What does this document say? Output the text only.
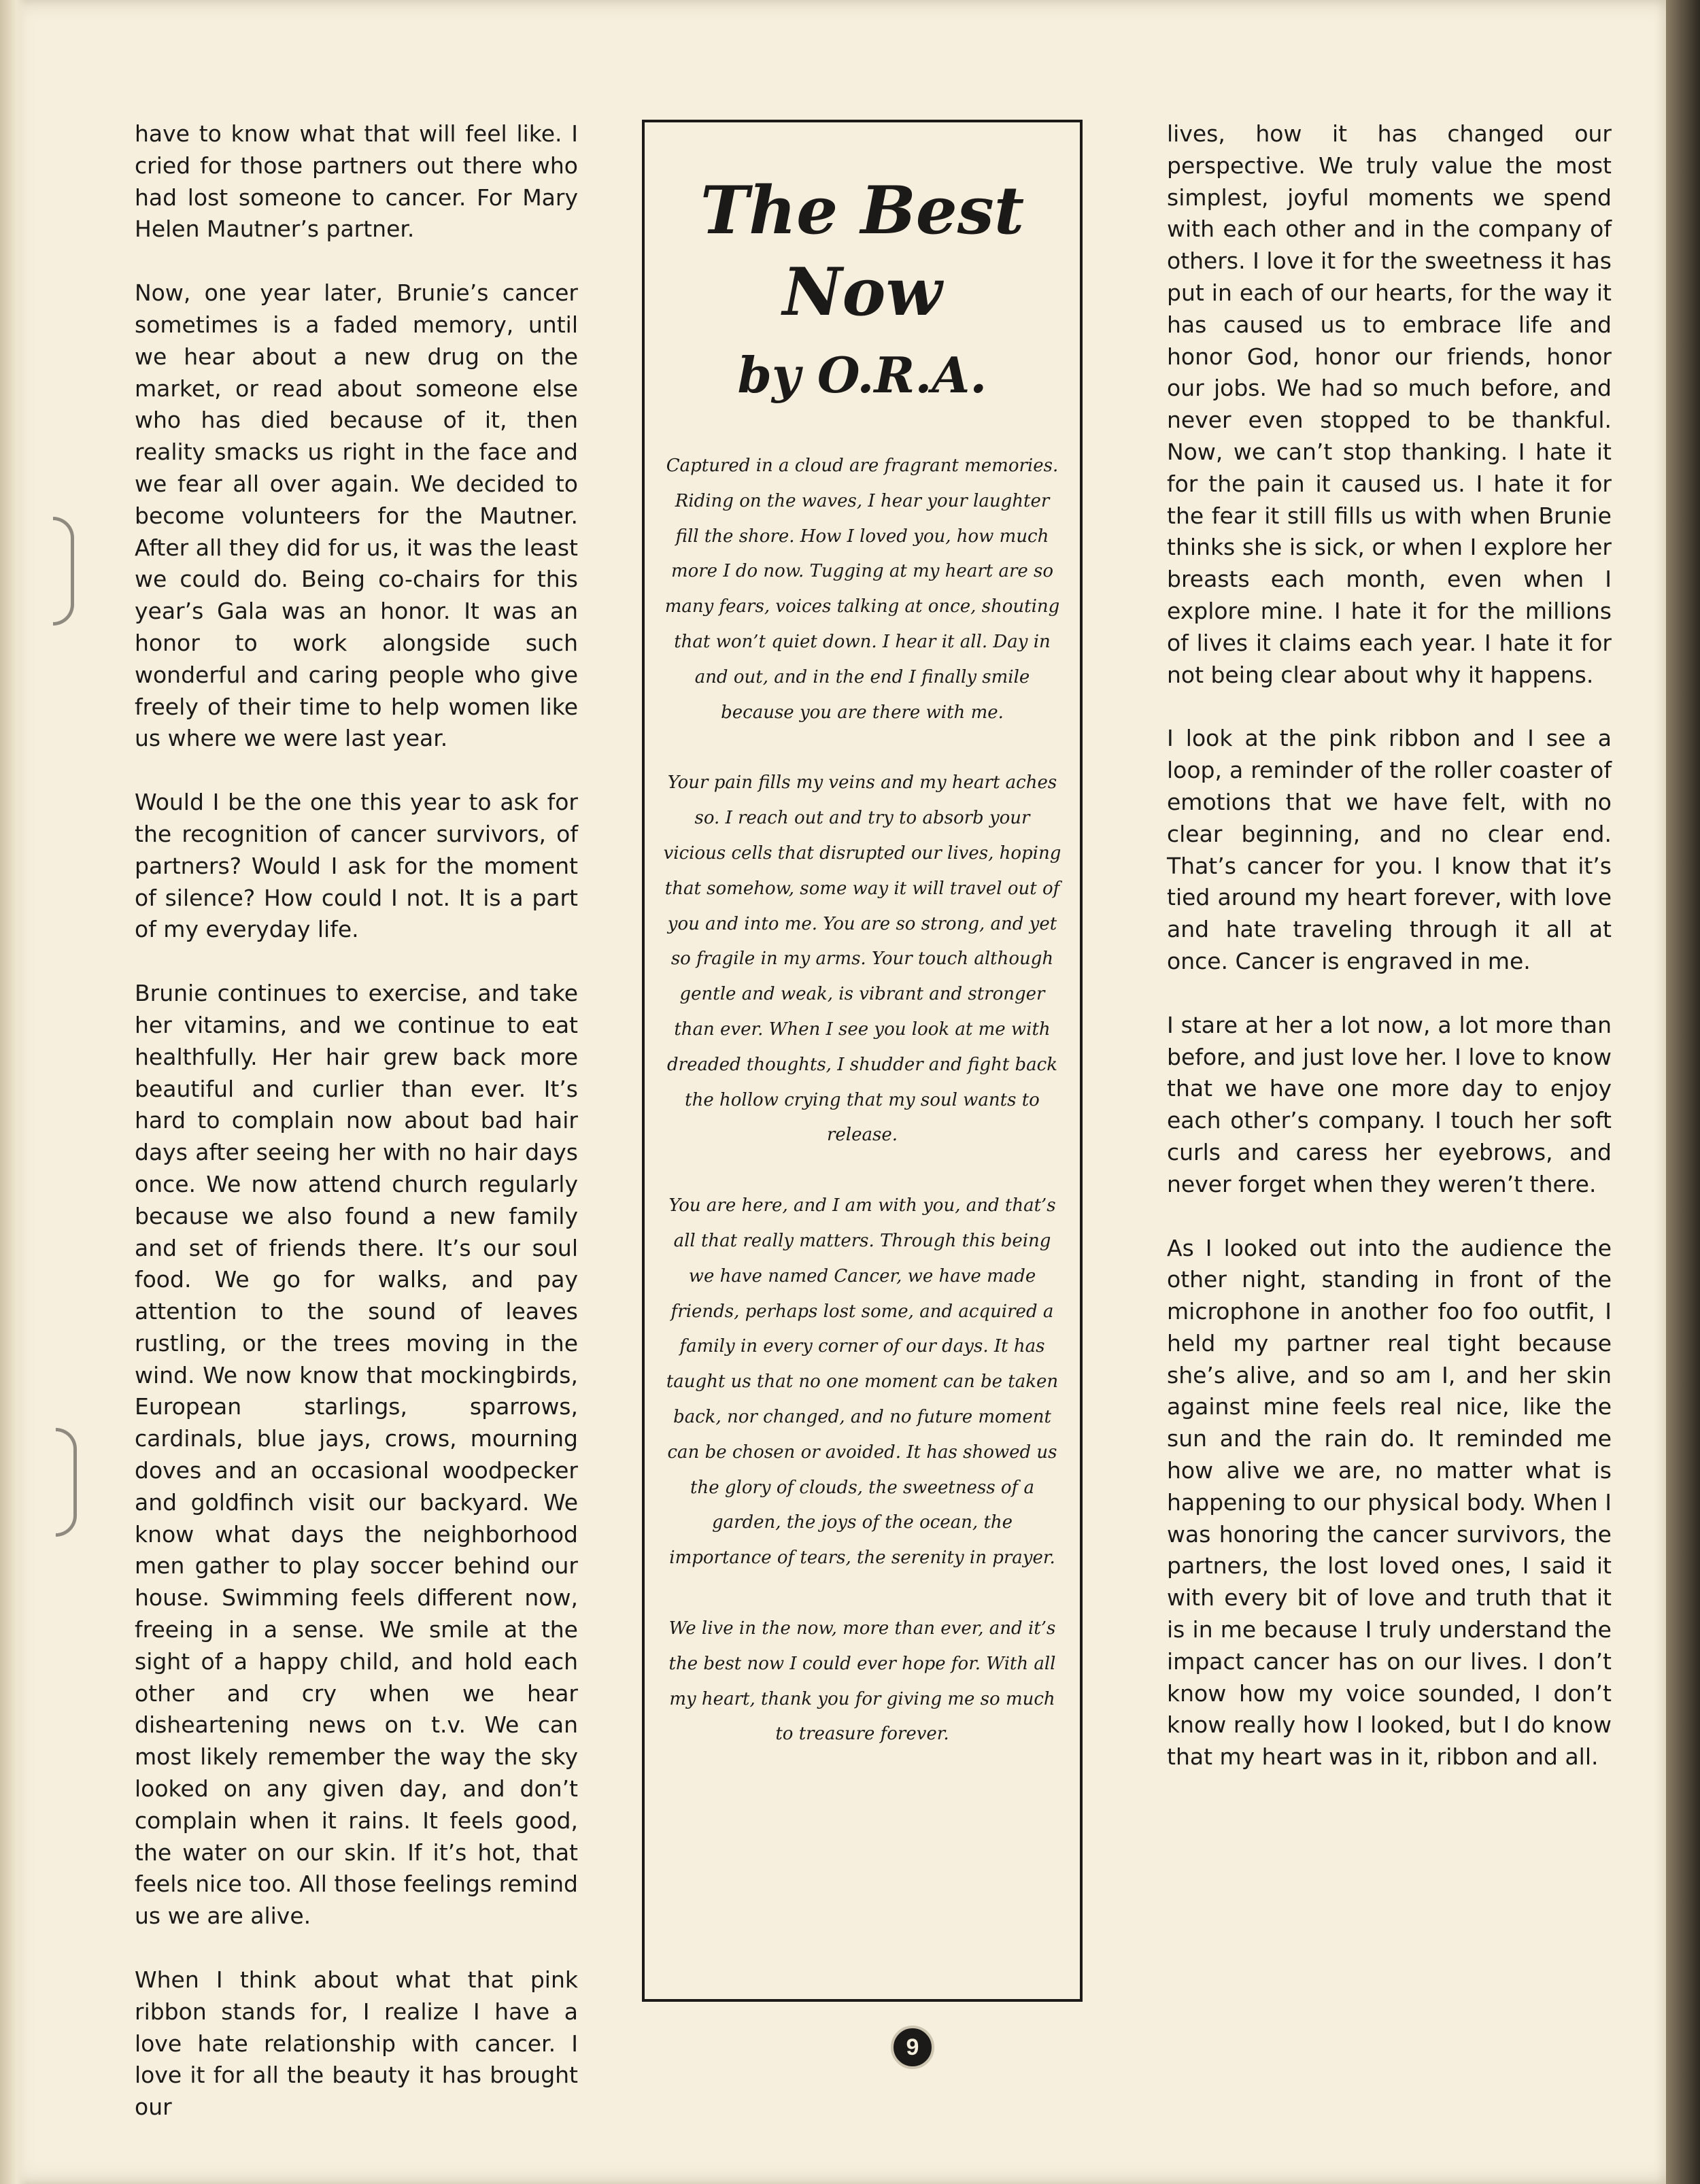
have to know what that will feel like. I cried for those partners out there who had lost someone to cancer. For Mary Helen Mautner’s partner.

Now, one year later, Brunie’s cancer sometimes is a faded memory, until we hear about a new drug on the market, or read about someone else who has died because of it, then reality smacks us right in the face and we fear all over again. We decided to become volunteers for the Mautner. After all they did for us, it was the least we could do. Being co-chairs for this year’s Gala was an honor. It was an honor to work alongside such wonderful and caring people who give freely of their time to help women like us where we were last year.

Would I be the one this year to ask for the recognition of cancer survivors, of partners? Would I ask for the moment of silence? How could I not. It is a part of my everyday life.

Brunie continues to exercise, and take her vitamins, and we continue to eat healthfully. Her hair grew back more beautiful and curlier than ever. It’s hard to complain now about bad hair days after seeing her with no hair days once. We now attend church regularly because we also found a new family and set of friends there. It’s our soul food. We go for walks, and pay attention to the sound of leaves rustling, or the trees moving in the wind. We now know that mockingbirds, European starlings, sparrows, cardinals, blue jays, crows, mourning doves and an occasional woodpecker and goldfinch visit our backyard. We know what days the neighborhood men gather to play soccer behind our house. Swimming feels different now, freeing in a sense. We smile at the sight of a happy child, and hold each other and cry when we hear disheartening news on t.v. We can most likely remember the way the sky looked on any given day, and don’t complain when it rains. It feels good, the water on our skin. If it’s hot, that feels nice too. All those feelings remind us we are alive.

When I think about what that pink ribbon stands for, I realize I have a love hate relationship with cancer. I love it for all the beauty it has brought our

The Best
Now
by O.R.A.

Captured in a cloud are fragrant memories. Riding on the waves, I hear your laughter fill the shore. How I loved you, how much more I do now. Tugging at my heart are so many fears, voices talking at once, shouting that won’t quiet down. I hear it all. Day in and out, and in the end I finally smile because you are there with me.

Your pain fills my veins and my heart aches so. I reach out and try to absorb your vicious cells that disrupted our lives, hoping that somehow, some way it will travel out of you and into me. You are so strong, and yet so fragile in my arms. Your touch although gentle and weak, is vibrant and stronger than ever. When I see you look at me with dreaded thoughts, I shudder and fight back the hollow crying that my soul wants to release.

You are here, and I am with you, and that’s all that really matters. Through this being we have named Cancer, we have made friends, perhaps lost some, and acquired a family in every corner of our days. It has taught us that no one moment can be taken back, nor changed, and no future moment can be chosen or avoided. It has showed us the glory of clouds, the sweetness of a garden, the joys of the ocean, the importance of tears, the serenity in prayer.

We live in the now, more than ever, and it’s the best now I could ever hope for. With all my heart, thank you for giving me so much to treasure forever.

lives, how it has changed our perspective. We truly value the most simplest, joyful moments we spend with each other and in the company of others. I love it for the sweetness it has put in each of our hearts, for the way it has caused us to embrace life and honor God, honor our friends, honor our jobs. We had so much before, and never even stopped to be thankful. Now, we can’t stop thanking. I hate it for the pain it caused us. I hate it for the fear it still fills us with when Brunie thinks she is sick, or when I explore her breasts each month, even when I explore mine. I hate it for the millions of lives it claims each year. I hate it for not being clear about why it happens.

I look at the pink ribbon and I see a loop, a reminder of the roller coaster of emotions that we have felt, with no clear beginning, and no clear end. That’s cancer for you. I know that it’s tied around my heart forever, with love and hate traveling through it all at once. Cancer is engraved in me.

I stare at her a lot now, a lot more than before, and just love her. I love to know that we have one more day to enjoy each other’s company. I touch her soft curls and caress her eyebrows, and never forget when they weren’t there.

As I looked out into the audience the other night, standing in front of the microphone in another foo foo outfit, I held my partner real tight because she’s alive, and so am I, and her skin against mine feels real nice, like the sun and the rain do. It reminded me how alive we are, no matter what is happening to our physical body. When I was honoring the cancer survivors, the partners, the lost loved ones, I said it with every bit of love and truth that it is in me because I truly understand the impact cancer has on our lives. I don’t know how my voice sounded, I don’t know really how I looked, but I do know that my heart was in it, ribbon and all.

9
